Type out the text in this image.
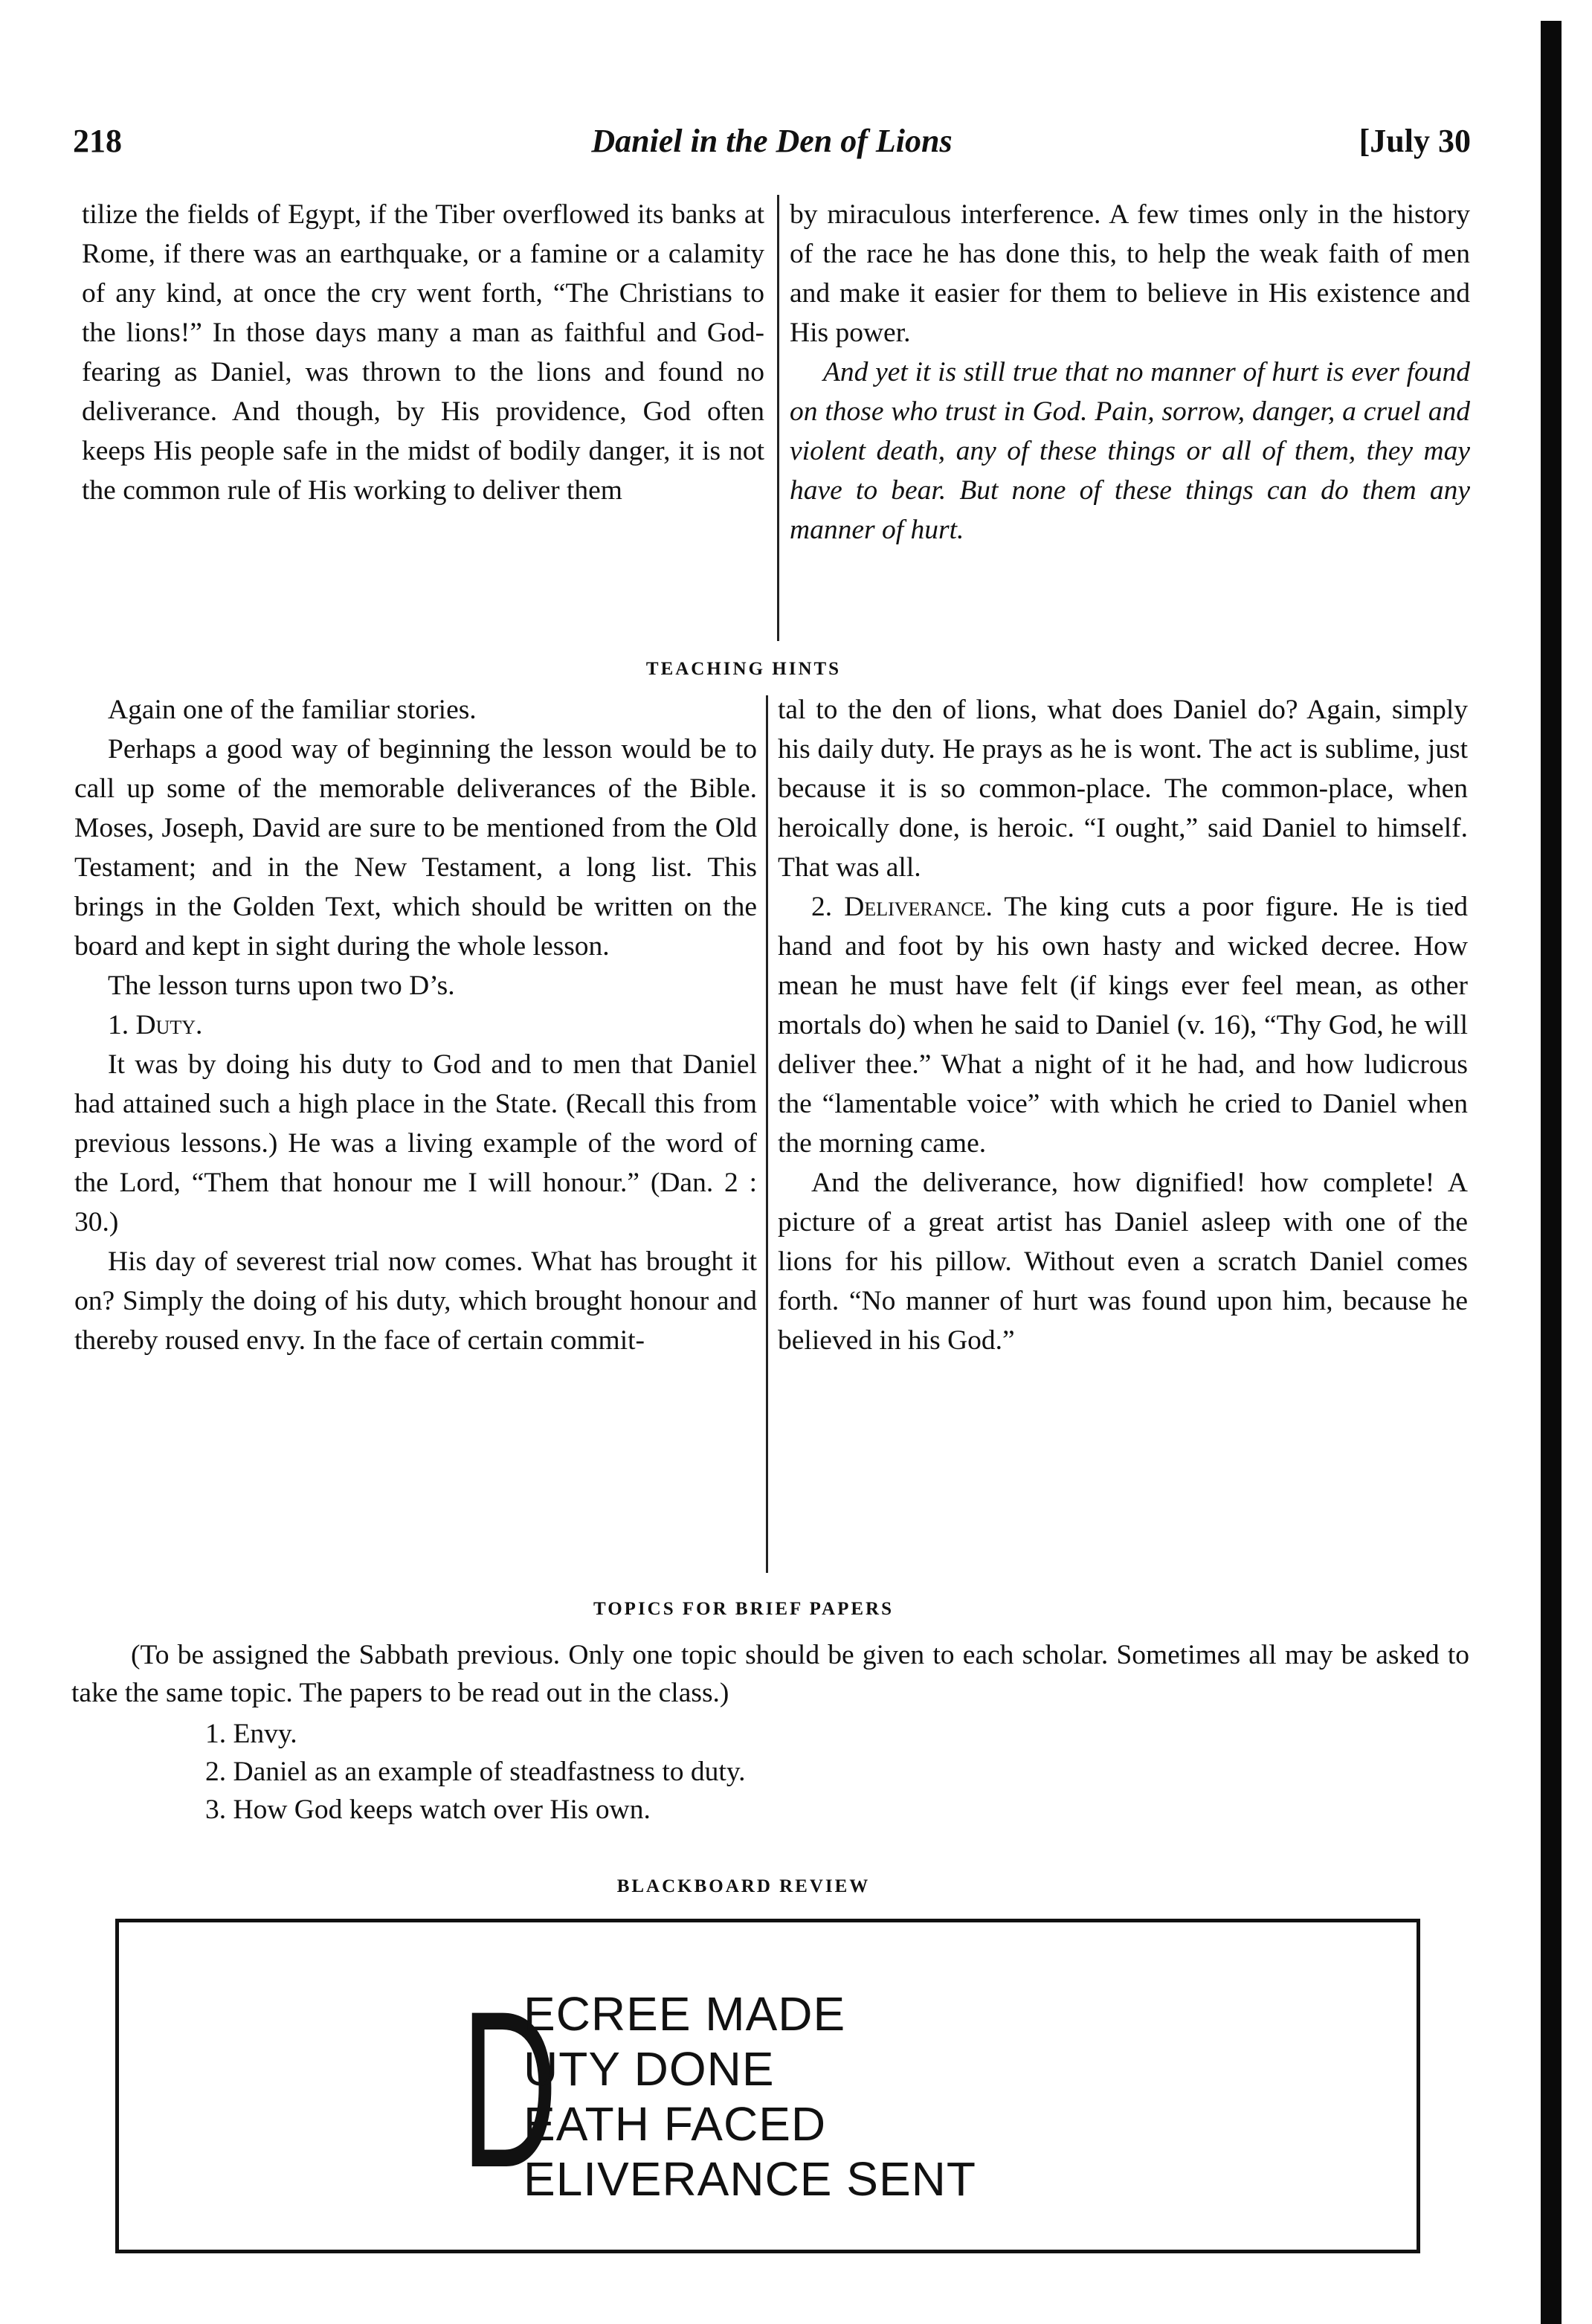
218	Daniel in the Den of Lions	[July 30

tilize the fields of Egypt, if the Tiber overflowed its banks at Rome, if there was an earthquake, or a famine or a calamity of any kind, at once the cry went forth, “The Christians to the lions!” In those days many a man as faithful and God-fearing as Daniel, was thrown to the lions and found no deliverance. And though, by His providence, God often keeps His people safe in the midst of bodily danger, it is not the common rule of His working to deliver them

by miraculous interference. A few times only in the history of the race he has done this, to help the weak faith of men and make it easier for them to believe in His existence and His power.

And yet it is still true that no manner of hurt is ever found on those who trust in God. Pain, sorrow, danger, a cruel and violent death, any of these things or all of them, they may have to bear. But none of these things can do them any manner of hurt.

TEACHING HINTS

Again one of the familiar stories.

Perhaps a good way of beginning the lesson would be to call up some of the memorable deliverances of the Bible. Moses, Joseph, David are sure to be mentioned from the Old Testament; and in the New Testament, a long list. This brings in the Golden Text, which should be written on the board and kept in sight during the whole lesson.

The lesson turns upon two D’s.

1. Duty.

It was by doing his duty to God and to men that Daniel had attained such a high place in the State. (Recall this from previous lessons.) He was a living example of the word of the Lord, “Them that honour me I will honour.” (Dan. 2 : 30.)

His day of severest trial now comes. What has brought it on? Simply the doing of his duty, which brought honour and thereby roused envy. In the face of certain commit-

tal to the den of lions, what does Daniel do? Again, simply his daily duty. He prays as he is wont. The act is sublime, just because it is so common-place. The common-place, when heroically done, is heroic. “I ought,” said Daniel to himself. That was all.

2. Deliverance. The king cuts a poor figure. He is tied hand and foot by his own hasty and wicked decree. How mean he must have felt (if kings ever feel mean, as other mortals do) when he said to Daniel (v. 16), “Thy God, he will deliver thee.” What a night of it he had, and how ludicrous the “lamentable voice” with which he cried to Daniel when the morning came.

And the deliverance, how dignified! how complete! A picture of a great artist has Daniel asleep with one of the lions for his pillow. Without even a scratch Daniel comes forth. “No manner of hurt was found upon him, because he believed in his God.”

TOPICS FOR BRIEF PAPERS

(To be assigned the Sabbath previous. Only one topic should be given to each scholar. Sometimes all may be asked to take the same topic. The papers to be read out in the class.)

1. Envy.
2. Daniel as an example of steadfastness to duty.
3. How God keeps watch over His own.
BLACKBOARD REVIEW
D
ECREE MADE
UTY DONE
EATH FACED
ELIVERANCE SENT
